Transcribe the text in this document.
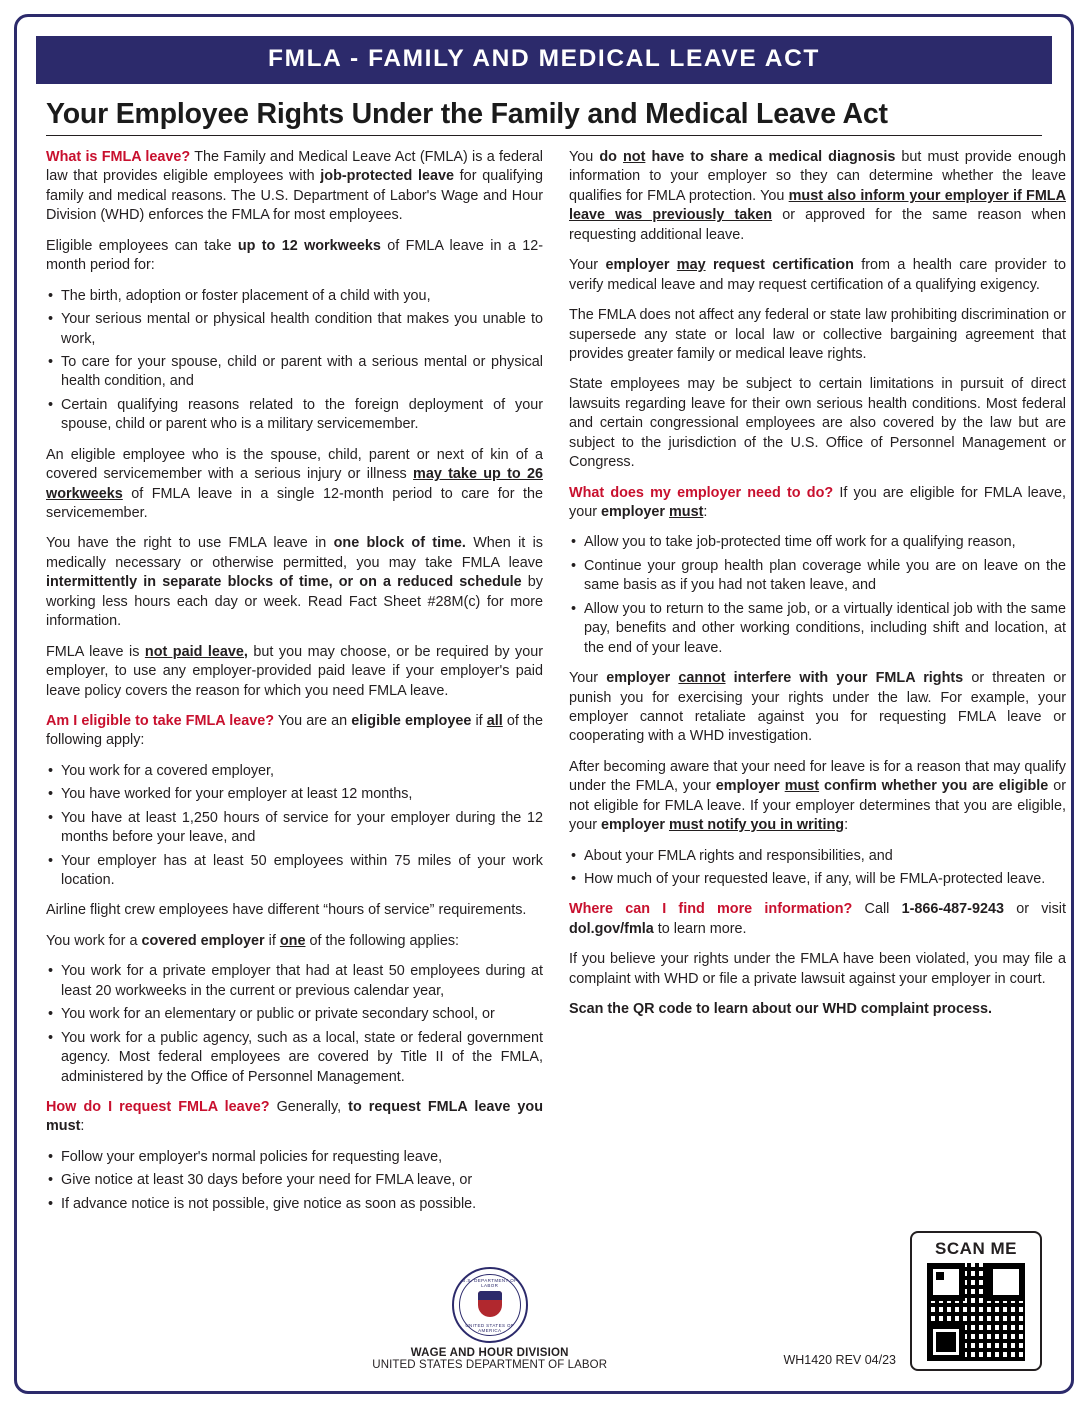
FMLA - FAMILY AND MEDICAL LEAVE ACT
Your Employee Rights Under the Family and Medical Leave Act

What is FMLA leave? The Family and Medical Leave Act (FMLA) is a federal law that provides eligible employees with job-protected leave for qualifying family and medical reasons. The U.S. Department of Labor's Wage and Hour Division (WHD) enforces the FMLA for most employees.

Eligible employees can take up to 12 workweeks of FMLA leave in a 12-month period for:

• The birth, adoption or foster placement of a child with you,
• Your serious mental or physical health condition that makes you unable to work,
• To care for your spouse, child or parent with a serious mental or physical health condition, and
• Certain qualifying reasons related to the foreign deployment of your spouse, child or parent who is a military servicemember.

An eligible employee who is the spouse, child, parent or next of kin of a covered servicemember with a serious injury or illness may take up to 26 workweeks of FMLA leave in a single 12-month period to care for the servicemember.

You have the right to use FMLA leave in one block of time. When it is medically necessary or otherwise permitted, you may take FMLA leave intermittently in separate blocks of time, or on a reduced schedule by working less hours each day or week. Read Fact Sheet #28M(c) for more information.

FMLA leave is not paid leave, but you may choose, or be required by your employer, to use any employer-provided paid leave if your employer's paid leave policy covers the reason for which you need FMLA leave.

Am I eligible to take FMLA leave? You are an eligible employee if all of the following apply:

• You work for a covered employer,
• You have worked for your employer at least 12 months,
• You have at least 1,250 hours of service for your employer during the 12 months before your leave, and
• Your employer has at least 50 employees within 75 miles of your work location.

Airline flight crew employees have different “hours of service” requirements.

You work for a covered employer if one of the following applies:

• You work for a private employer that had at least 50 employees during at least 20 workweeks in the current or previous calendar year,
• You work for an elementary or public or private secondary school, or
• You work for a public agency, such as a local, state or federal government agency. Most federal employees are covered by Title II of the FMLA, administered by the Office of Personnel Management.

How do I request FMLA leave? Generally, to request FMLA leave you must:

• Follow your employer's normal policies for requesting leave,
• Give notice at least 30 days before your need for FMLA leave, or
• If advance notice is not possible, give notice as soon as possible.

You do not have to share a medical diagnosis but must provide enough information to your employer so they can determine whether the leave qualifies for FMLA protection. You must also inform your employer if FMLA leave was previously taken or approved for the same reason when requesting additional leave.

Your employer may request certification from a health care provider to verify medical leave and may request certification of a qualifying exigency.

The FMLA does not affect any federal or state law prohibiting discrimination or supersede any state or local law or collective bargaining agreement that provides greater family or medical leave rights.

State employees may be subject to certain limitations in pursuit of direct lawsuits regarding leave for their own serious health conditions. Most federal and certain congressional employees are also covered by the law but are subject to the jurisdiction of the U.S. Office of Personnel Management or Congress.

What does my employer need to do? If you are eligible for FMLA leave, your employer must:

• Allow you to take job-protected time off work for a qualifying reason,
• Continue your group health plan coverage while you are on leave on the same basis as if you had not taken leave, and
• Allow you to return to the same job, or a virtually identical job with the same pay, benefits and other working conditions, including shift and location, at the end of your leave.

Your employer cannot interfere with your FMLA rights or threaten or punish you for exercising your rights under the law. For example, your employer cannot retaliate against you for requesting FMLA leave or cooperating with a WHD investigation.

After becoming aware that your need for leave is for a reason that may qualify under the FMLA, your employer must confirm whether you are eligible or not eligible for FMLA leave. If your employer determines that you are eligible, your employer must notify you in writing:

• About your FMLA rights and responsibilities, and
• How much of your requested leave, if any, will be FMLA-protected leave.

Where can I find more information? Call 1-866-487-9243 or visit dol.gov/fmla to learn more.

If you believe your rights under the FMLA have been violated, you may file a complaint with WHD or file a private lawsuit against your employer in court.

Scan the QR code to learn about our WHD complaint process.

U.S. DEPARTMENT OF LABOR
UNITED STATES OF AMERICA
WAGE AND HOUR DIVISION
UNITED STATES DEPARTMENT OF LABOR	WH1420 REV 04/23
SCAN ME
